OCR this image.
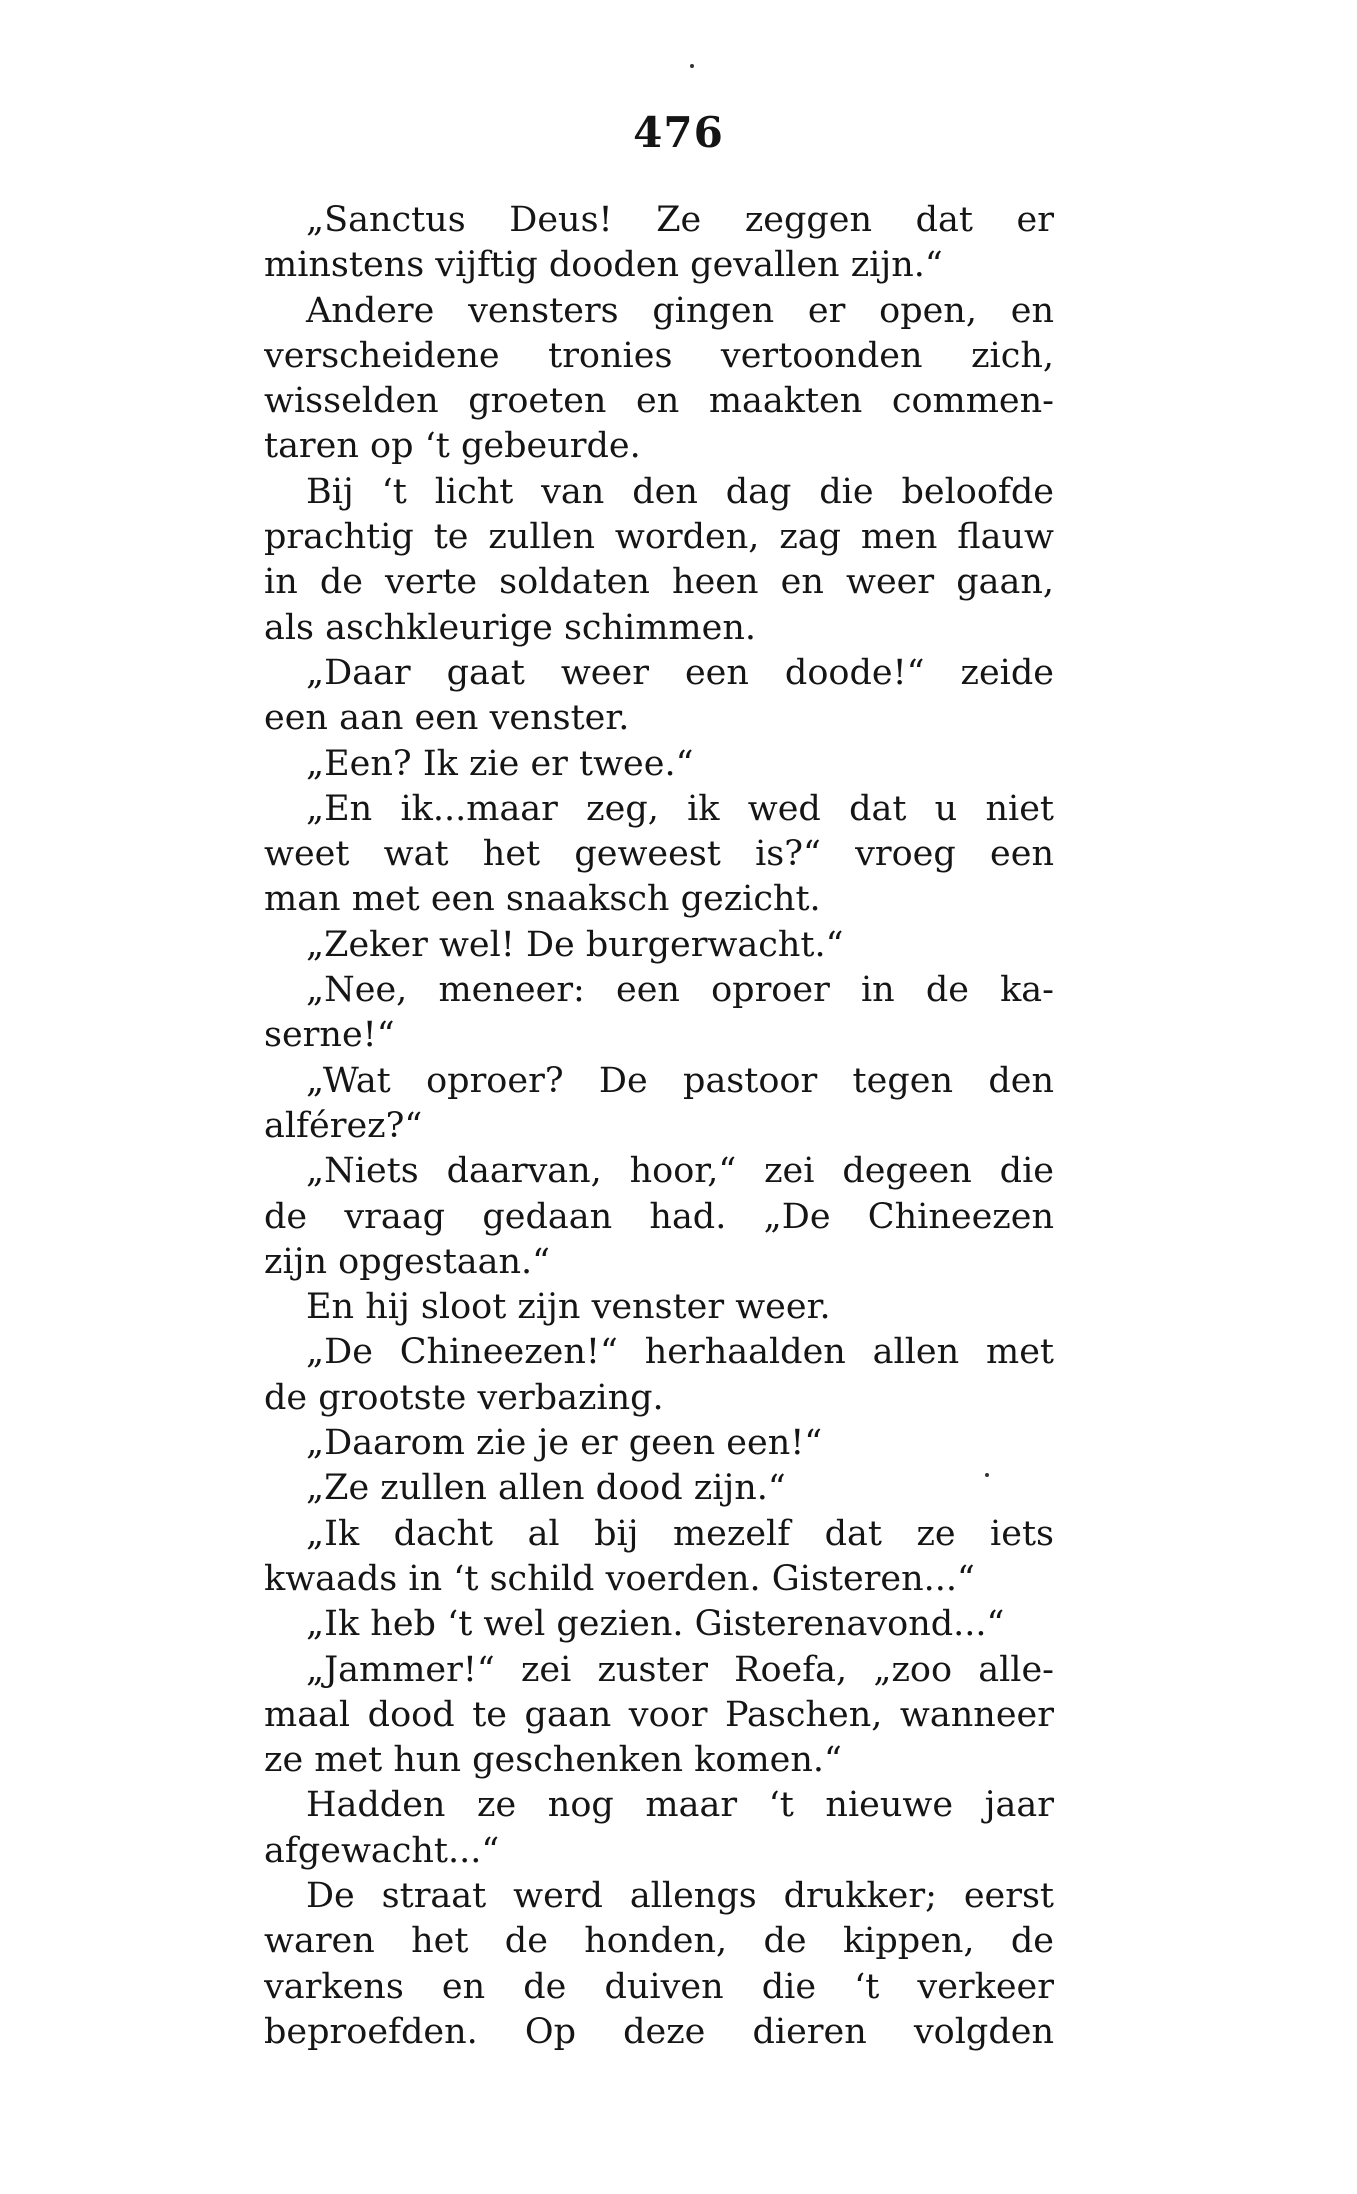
476
„Sanctus Deus! Ze zeggen dat er
minstens vijftig dooden gevallen zijn.“
Andere vensters gingen er open, en
verscheidene tronies vertoonden zich,
wisselden groeten en maakten commen-
taren op ‘t gebeurde.
Bij ‘t licht van den dag die beloofde
prachtig te zullen worden, zag men flauw
in de verte soldaten heen en weer gaan,
als aschkleurige schimmen.
„Daar gaat weer een doode!“ zeide
een aan een venster.
„Een? Ik zie er twee.“
„En ik...maar zeg, ik wed dat u niet
weet wat het geweest is?“ vroeg een
man met een snaaksch gezicht.
„Zeker wel! De burgerwacht.“
„Nee, meneer: een oproer in de ka-
serne!“
„Wat oproer? De pastoor tegen den
alférez?“
„Niets daarvan, hoor,“ zei degeen die
de vraag gedaan had. „De Chineezen
zijn opgestaan.“
En hij sloot zijn venster weer.
„De Chineezen!“ herhaalden allen met
de grootste verbazing.
„Daarom zie je er geen een!“
„Ze zullen allen dood zijn.“
„Ik dacht al bij mezelf dat ze iets
kwaads in ‘t schild voerden. Gisteren...“
„Ik heb ‘t wel gezien. Gisterenavond...“
„Jammer!“ zei zuster Roefa, „zoo alle-
maal dood te gaan voor Paschen, wanneer
ze met hun geschenken komen.“
Hadden ze nog maar ‘t nieuwe jaar
afgewacht...“
De straat werd allengs drukker; eerst
waren het de honden, de kippen, de
varkens en de duiven die ‘t verkeer
beproefden. Op deze dieren volgden
